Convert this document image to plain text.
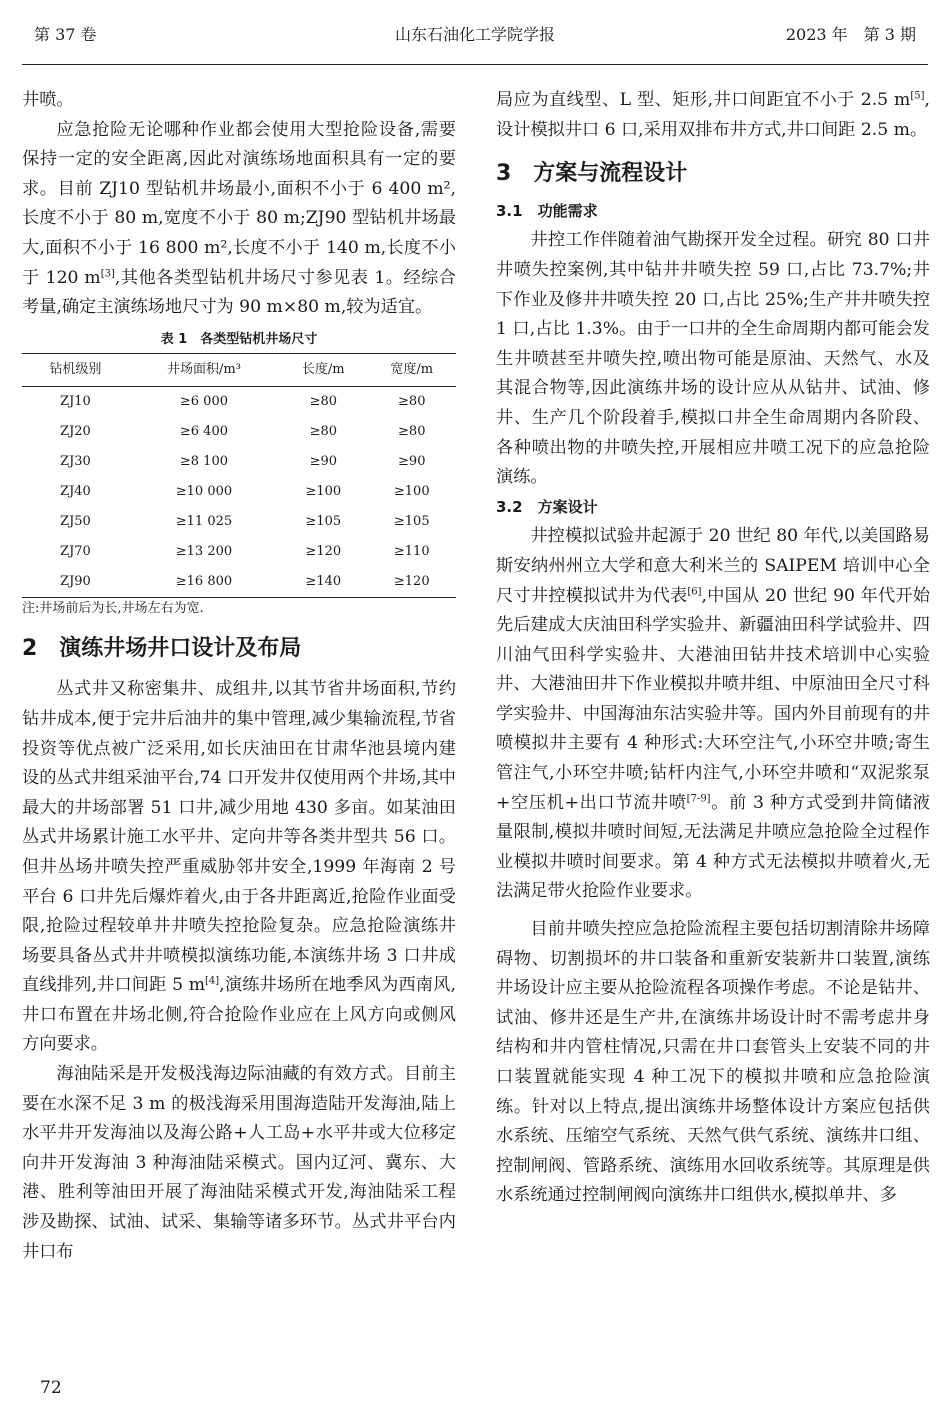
第 37 卷	山东石油化工学院学报	2023 年　第 3 期

井喷。

应急抢险无论哪种作业都会使用大型抢险设备,需要保持一定的安全距离,因此对演练场地面积具有一定的要求。目前 ZJ10 型钻机井场最小,面积不小于 6 400 m²,长度不小于 80 m,宽度不小于 80 m;ZJ90 型钻机井场最大,面积不小于 16 800 m²,长度不小于 140 m,长度不小于 120 m[3],其他各类型钻机井场尺寸参见表 1。经综合考量,确定主演练场地尺寸为 90 m×80 m,较为适宜。

表 1　各类型钻机井场尺寸
钻机级别	井场面积/m³	长度/m	宽度/m
ZJ10	≥6 000	≥80	≥80
ZJ20	≥6 400	≥80	≥80
ZJ30	≥8 100	≥90	≥90
ZJ40	≥10 000	≥100	≥100
ZJ50	≥11 025	≥105	≥105
ZJ70	≥13 200	≥120	≥110
ZJ90	≥16 800	≥140	≥120
注:井场前后为长,井场左右为宽.
2　演练井场井口设计及布局

丛式井又称密集井、成组井,以其节省井场面积,节约钻井成本,便于完井后油井的集中管理,减少集输流程,节省投资等优点被广泛采用,如长庆油田在甘肃华池县境内建设的丛式井组采油平台,74 口开发井仅使用两个井场,其中最大的井场部署 51 口井,减少用地 430 多亩。如某油田丛式井场累计施工水平井、定向井等各类井型共 56 口。但井丛场井喷失控严重威胁邻井安全,1999 年海南 2 号平台 6 口井先后爆炸着火,由于各井距离近,抢险作业面受限,抢险过程较单井井喷失控抢险复杂。应急抢险演练井场要具备丛式井井喷模拟演练功能,本演练井场 3 口井成直线排列,井口间距 5 m[4],演练井场所在地季风为西南风,井口布置在井场北侧,符合抢险作业应在上风方向或侧风方向要求。

海油陆采是开发极浅海边际油藏的有效方式。目前主要在水深不足 3 m 的极浅海采用围海造陆开发海油,陆上水平井开发海油以及海公路+人工岛+水平井或大位移定向井开发海油 3 种海油陆采模式。国内辽河、冀东、大港、胜利等油田开展了海油陆采模式开发,海油陆采工程涉及勘探、试油、试采、集输等诸多环节。丛式井平台内井口布

局应为直线型、L 型、矩形,井口间距宜不小于 2.5 m[5],设计模拟井口 6 口,采用双排布井方式,井口间距 2.5 m。

3　方案与流程设计
3.1　功能需求

井控工作伴随着油气勘探开发全过程。研究 80 口井井喷失控案例,其中钻井井喷失控 59 口,占比 73.7%;井下作业及修井井喷失控 20 口,占比 25%;生产井井喷失控 1 口,占比 1.3%。由于一口井的全生命周期内都可能会发生井喷甚至井喷失控,喷出物可能是原油、天然气、水及其混合物等,因此演练井场的设计应从从钻井、试油、修井、生产几个阶段着手,模拟口井全生命周期内各阶段、各种喷出物的井喷失控,开展相应井喷工况下的应急抢险演练。

3.2　方案设计

井控模拟试验井起源于 20 世纪 80 年代,以美国路易斯安纳州州立大学和意大利米兰的 SAIPEM 培训中心全尺寸井控模拟试井为代表[6],中国从 20 世纪 90 年代开始先后建成大庆油田科学实验井、新疆油田科学试验井、四川油气田科学实验井、大港油田钻井技术培训中心实验井、大港油田井下作业模拟井喷井组、中原油田全尺寸科学实验井、中国海油东沽实验井等。国内外目前现有的井喷模拟井主要有 4 种形式:大环空注气,小环空井喷;寄生管注气,小环空井喷;钻杆内注气,小环空井喷和“双泥浆泵+空压机+出口节流井喷[7-9]。前 3 种方式受到井筒储液量限制,模拟井喷时间短,无法满足井喷应急抢险全过程作业模拟井喷时间要求。第 4 种方式无法模拟井喷着火,无法满足带火抢险作业要求。

目前井喷失控应急抢险流程主要包括切割清除井场障碍物、切割损坏的井口装备和重新安装新井口装置,演练井场设计应主要从抢险流程各项操作考虑。不论是钻井、试油、修井还是生产井,在演练井场设计时不需考虑井身结构和井内管柱情况,只需在井口套管头上安装不同的井口装置就能实现 4 种工况下的模拟井喷和应急抢险演练。针对以上特点,提出演练井场整体设计方案应包括供水系统、压缩空气系统、天然气供气系统、演练井口组、控制闸阀、管路系统、演练用水回收系统等。其原理是供水系统通过控制闸阀向演练井口组供水,模拟单井、多

72
